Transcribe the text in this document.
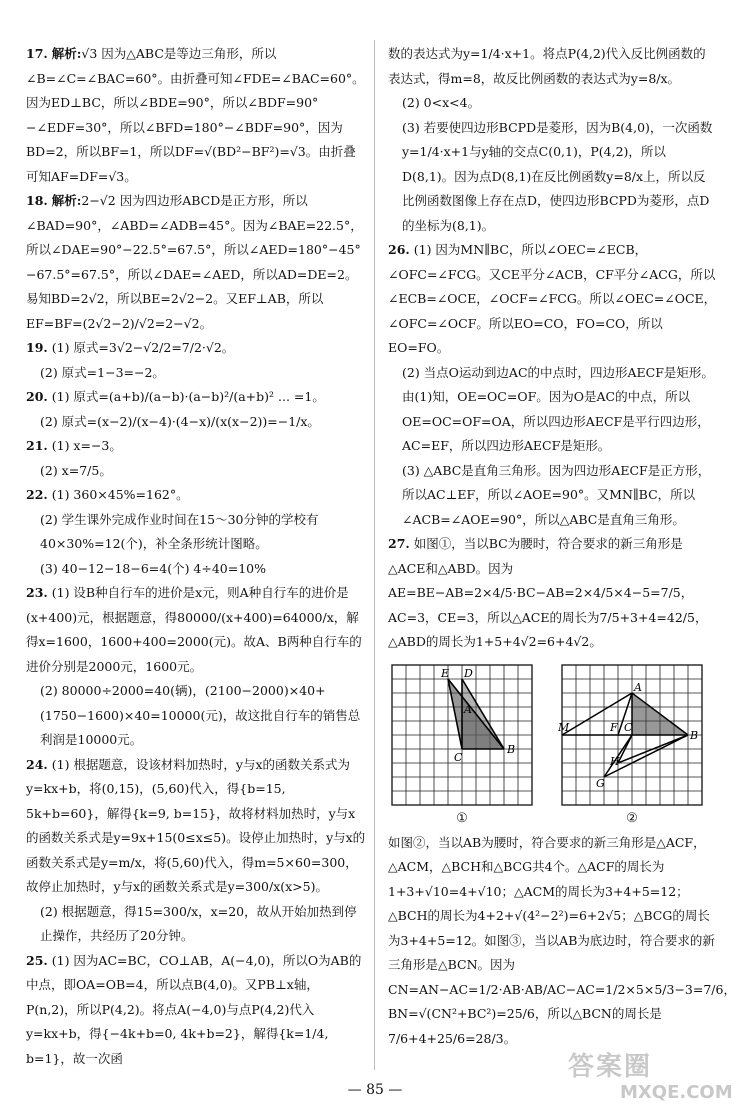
17. 解析:√3 因为△ABC是等边三角形，所以∠B=∠C=∠BAC=60°。由折叠可知∠FDE=∠BAC=60°。因为ED⊥BC，所以∠BDE=90°，所以∠BDF=90°−∠EDF=30°，所以∠BFD=180°−∠BDF=90°，因为BD=2，所以BF=1，所以DF=√(BD²−BF²)=√3。由折叠可知AF=DF=√3。
18. 解析:2−√2 因为四边形ABCD是正方形，所以∠BAD=90°，∠ABD=∠ADB=45°。因为∠BAE=22.5°，所以∠DAE=90°−22.5°=67.5°，所以∠AED=180°−45°−67.5°=67.5°，所以∠DAE=∠AED，所以AD=DE=2。易知BD=2√2，所以BE=2√2−2。又EF⊥AB，所以EF=BF=(2√2−2)/√2=2−√2。
19. (1) 原式=3√2−√2/2=7/2·√2。
(2) 原式=1−3=−2。
20. (1) 原式=(a+b)/(a−b)·(a−b)²/(a+b)² ... =1。
(2) 原式=(x−2)/(x−4)·(4−x)/(x(x−2))=−1/x。
21. (1) x=−3。
(2) x=7/5。
22. (1) 360×45%=162°。
(2) 学生课外完成作业时间在15～30分钟的学校有40×30%=12(个)，补全条形统计图略。
(3) 40−12−18−6=4(个) 4÷40=10%
23. (1) 设B种自行车的进价是x元，则A种自行车的进价是(x+400)元，根据题意，得80000/(x+400)=64000/x，解得x=1600，1600+400=2000(元)。故A、B两种自行车的进价分别是2000元，1600元。
(2) 80000÷2000=40(辆)，(2100−2000)×40+(1750−1600)×40=10000(元)，故这批自行车的销售总利润是10000元。
24. (1) 根据题意，设该材料加热时，y与x的函数关系式为y=kx+b，将(0,15)，(5,60)代入，得{b=15, 5k+b=60}，解得{k=9, b=15}，故将材料加热时，y与x的函数关系式是y=9x+15(0≤x≤5)。设停止加热时，y与x的函数关系式是y=m/x，将(5,60)代入，得m=5×60=300，故停止加热时，y与x的函数关系式是y=300/x(x>5)。
(2) 根据题意，得15=300/x，x=20，故从开始加热到停止操作，共经历了20分钟。
25. (1) 因为AC=BC，CO⊥AB，A(−4,0)，所以O为AB的中点，即OA=OB=4，所以点B(4,0)。又PB⊥x轴，P(n,2)，所以P(4,2)。将点A(−4,0)与点P(4,2)代入y=kx+b，得{−4k+b=0, 4k+b=2}，解得{k=1/4, b=1}，故一次函
数的表达式为y=1/4·x+1。将点P(4,2)代入反比例函数的表达式，得m=8，故反比例函数的表达式为y=8/x。
(2) 0<x<4。
(3) 若要使四边形BCPD是菱形，因为B(4,0)，一次函数y=1/4·x+1与y轴的交点C(0,1)，P(4,2)，所以D(8,1)。因为点D(8,1)在反比例函数y=8/x上，所以反比例函数图像上存在点D，使四边形BCPD为菱形，点D的坐标为(8,1)。
26. (1) 因为MN∥BC，所以∠OEC=∠ECB，∠OFC=∠FCG。又CE平分∠ACB，CF平分∠ACG，所以∠ECB=∠OCE，∠OCF=∠FCG。所以∠OEC=∠OCE，∠OFC=∠OCF。所以EO=CO，FO=CO，所以EO=FO。
(2) 当点O运动到边AC的中点时，四边形AECF是矩形。由(1)知，OE=OC=OF。因为O是AC的中点，所以OE=OC=OF=OA，所以四边形AECF是平行四边形，AC=EF，所以四边形AECF是矩形。
(3) △ABC是直角三角形。因为四边形AECF是正方形，所以AC⊥EF，所以∠AOE=90°。又MN∥BC，所以∠ACB=∠AOE=90°，所以△ABC是直角三角形。
27. 如图①，当以BC为腰时，符合要求的新三角形是△ACE和△ABD。因为AE=BE−AB=2×4/5·BC−AB=2×4/5×4−5=7/5，AC=3，CE=3，所以△ACE的周长为7/5+3+4=42/5，△ABD的周长为1+5+4√2=6+4√2。
E D
A
C
B
①
A
M	F C
B
H
G
②
如图②，当以AB为腰时，符合要求的新三角形是△ACF，△ACM，△BCH和△BCG共4个。△ACF的周长为1+3+√10=4+√10；△ACM的周长为3+4+5=12；△BCH的周长为4+2+√(4²−2²)=6+2√5；△BCG的周长为3+4+5=12。如图③，当以AB为底边时，符合要求的新三角形是△BCN。因为CN=AN−AC=1/2·AB·AB/AC−AC=1/2×5×5/3−3=7/6，BN=√(CN²+BC²)=25/6，所以△BCN的周长是7/6+4+25/6=28/3。
— 85 —
答案圈
MXQE.COM
